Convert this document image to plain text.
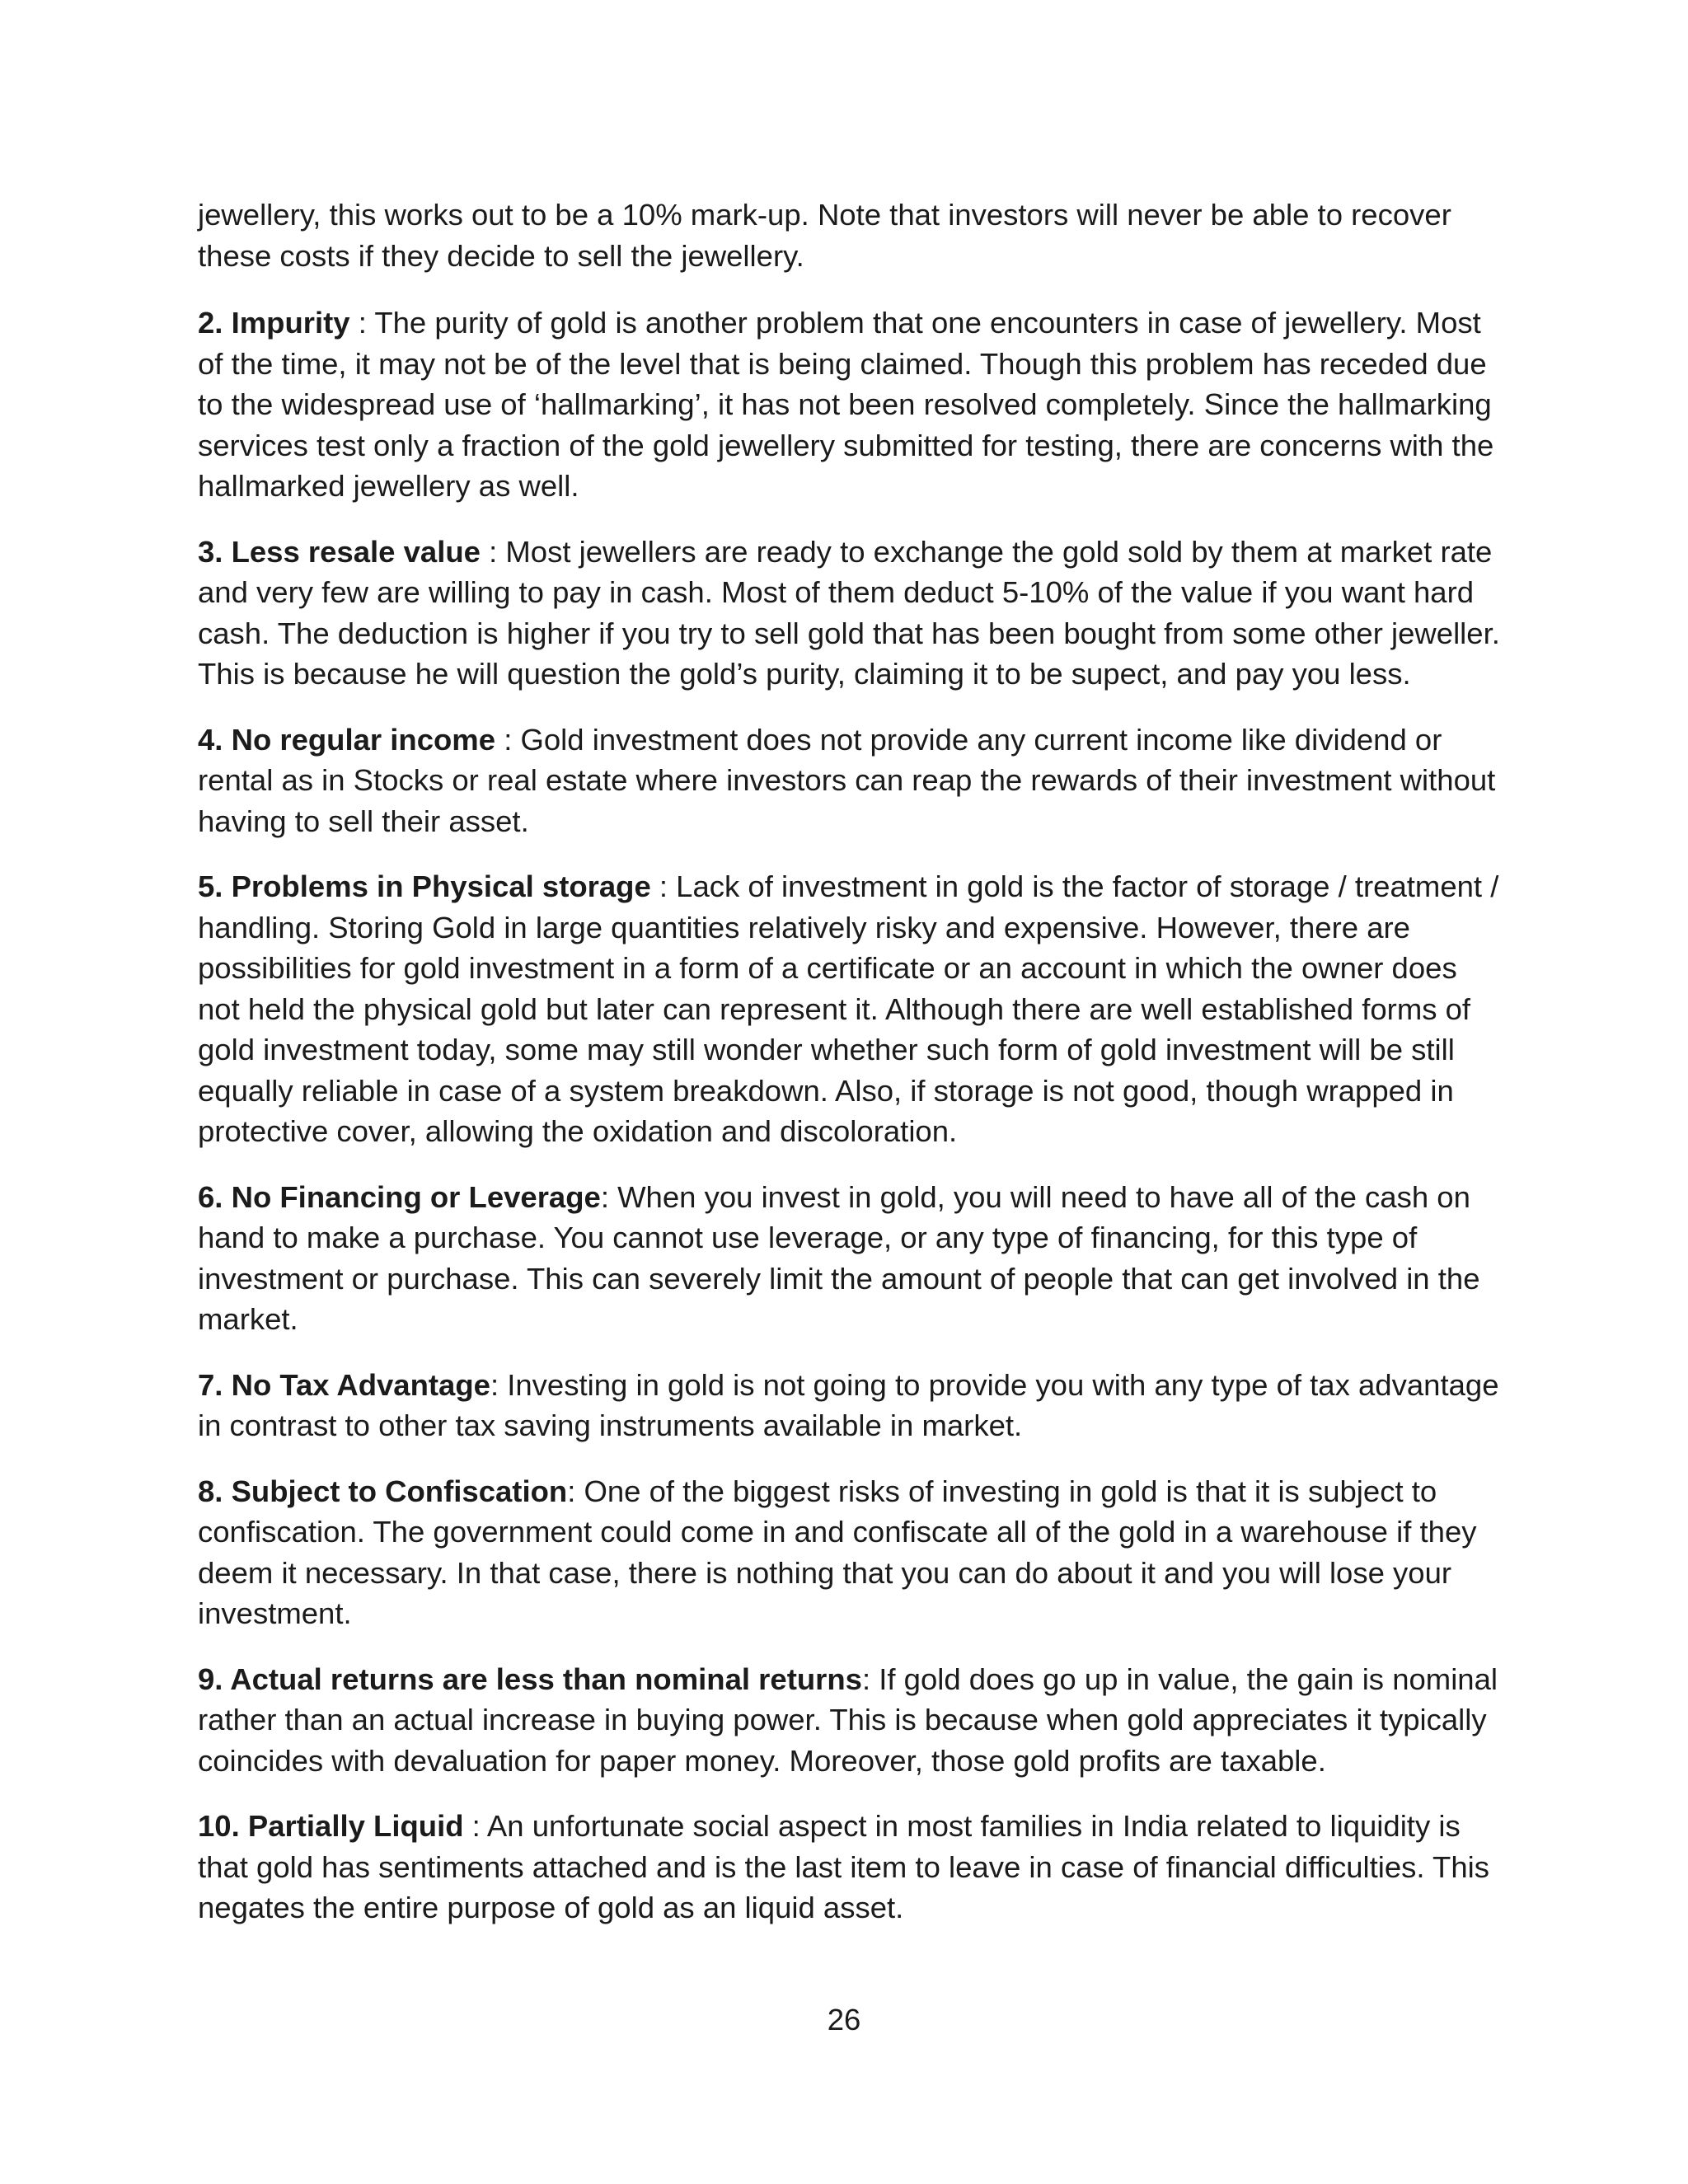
jewellery, this works out to be a 10% mark-up. Note that investors will never be able to recover these costs if they decide to sell the jewellery.

2. Impurity : The purity of gold is another problem that one encounters in case of jewellery. Most of the time, it may not be of the level that is being claimed. Though this problem has receded due to the widespread use of ‘hallmarking’, it has not been resolved completely. Since the hallmarking services test only a fraction of the gold jewellery submitted for testing, there are concerns with the hallmarked jewellery as well.

3. Less resale value : Most jewellers are ready to exchange the gold sold by them at market rate and very few are willing to pay in cash. Most of them deduct 5-10% of the value if you want hard cash. The deduction is higher if you try to sell gold that has been bought from some other jeweller. This is because he will question the gold’s purity, claiming it to be supect, and pay you less.

4. No regular income : Gold investment does not provide any current income like dividend or rental as in Stocks or real estate where investors can reap the rewards of their investment without having to sell their asset.

5. Problems in Physical storage : Lack of investment in gold is the factor of storage / treatment / handling. Storing Gold in large quantities relatively risky and expensive. However, there are possibilities for gold investment in a form of a certificate or an account in which the owner does not held the physical gold but later can represent it. Although there are well established forms of gold investment today, some may still wonder whether such form of gold investment will be still equally reliable in case of a system breakdown. Also, if storage is not good, though wrapped in protective cover, allowing the oxidation and discoloration.

6. No Financing or Leverage: When you invest in gold, you will need to have all of the cash on hand to make a purchase. You cannot use leverage, or any type of financing, for this type of investment or purchase. This can severely limit the amount of people that can get involved in the market.

7. No Tax Advantage: Investing in gold is not going to provide you with any type of tax advantage in contrast to other tax saving instruments available in market.

8. Subject to Confiscation: One of the biggest risks of investing in gold is that it is subject to confiscation. The government could come in and confiscate all of the gold in a warehouse if they deem it necessary. In that case, there is nothing that you can do about it and you will lose your investment.

9. Actual returns are less than nominal returns: If gold does go up in value, the gain is nominal rather than an actual increase in buying power. This is because when gold appreciates it typically coincides with devaluation for paper money. Moreover, those gold profits are taxable.

10. Partially Liquid : An unfortunate social aspect in most families in India related to liquidity is that gold has sentiments attached and is the last item to leave in case of financial difficulties. This negates the entire purpose of gold as an liquid asset.

26
